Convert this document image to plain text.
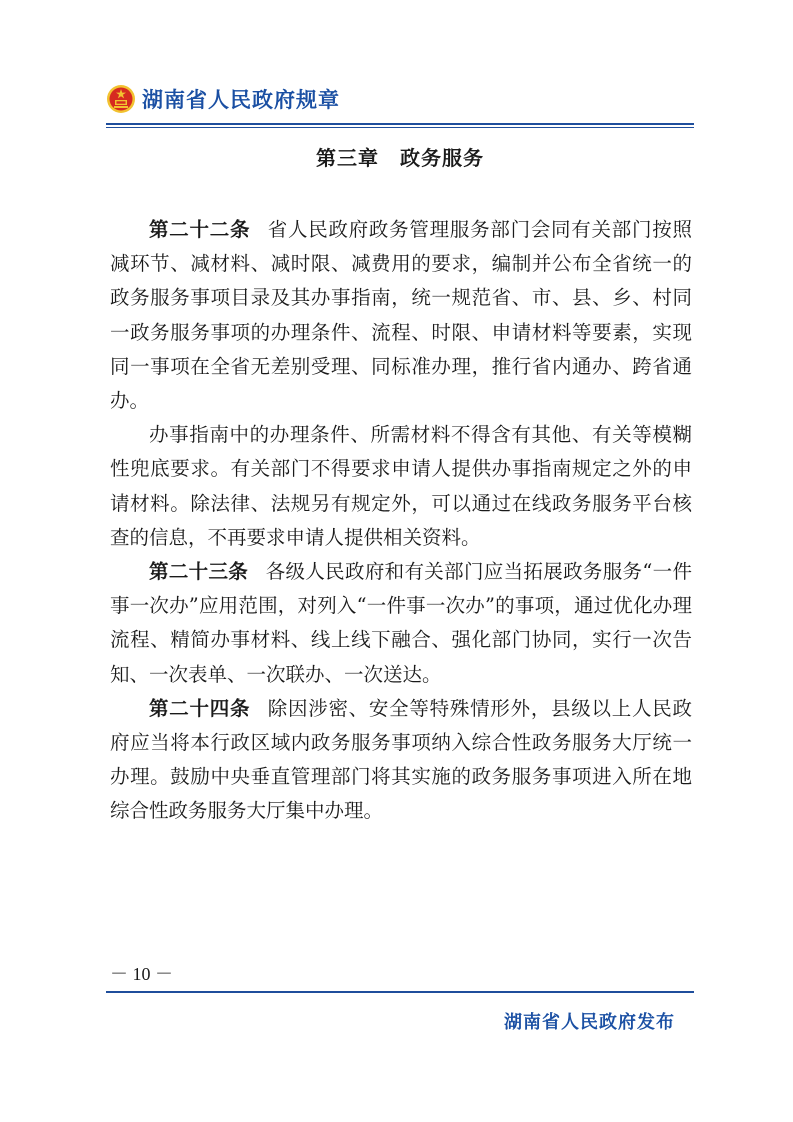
湖南省人民政府规章
第三章　政务服务

第二十二条 省人民政府政务管理服务部门会同有关部门按照减环节、减材料、减时限、减费用的要求，编制并公布全省统一的政务服务事项目录及其办事指南，统一规范省、市、县、乡、村同一政务服务事项的办理条件、流程、时限、申请材料等要素，实现同一事项在全省无差别受理、同标准办理，推行省内通办、跨省通办。

办事指南中的办理条件、所需材料不得含有其他、有关等模糊性兜底要求。有关部门不得要求申请人提供办事指南规定之外的申请材料。除法律、法规另有规定外，可以通过在线政务服务平台核查的信息，不再要求申请人提供相关资料。

第二十三条 各级人民政府和有关部门应当拓展政务服务“一件事一次办”应用范围，对列入“一件事一次办”的事项，通过优化办理流程、精简办事材料、线上线下融合、强化部门协同，实行一次告知、一次表单、一次联办、一次送达。

第二十四条 除因涉密、安全等特殊情形外，县级以上人民政府应当将本行政区域内政务服务事项纳入综合性政务服务大厅统一办理。鼓励中央垂直管理部门将其实施的政务服务事项进入所在地综合性政务服务大厅集中办理。

－ 10 －
湖南省人民政府发布
